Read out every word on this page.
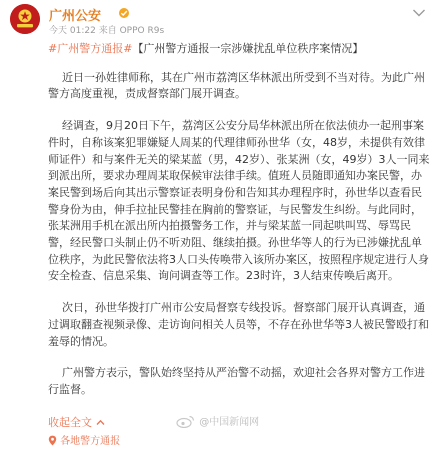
广州公安
今天 01:22 来自 OPPO R9s
#广州警方通报#【广州警方通报一宗涉嫌扰乱单位秩序案情况】

近日一孙姓律师称，其在广州市荔湾区华林派出所受到不当对待。为此广州警方高度重视，责成督察部门展开调查。

经调查，9月20日下午，荔湾区公安分局华林派出所在依法侦办一起刑事案件时，自称该案犯罪嫌疑人周某的代理律师孙世华（女，48岁，未提供有效律师证件）和与案件无关的梁某蓝（男，42岁）、张某洲（女，49岁）3人一同来到派出所，要求办理周某取保候审法律手续。值班人员随即通知办案民警，办案民警到场后向其出示警察证表明身份和告知其办理程序时，孙世华以查看民警身份为由，伸手拉扯民警挂在胸前的警察证，与民警发生纠纷。与此同时，张某洲用手机在派出所内拍摄警务工作，并与梁某蓝一同起哄叫骂、辱骂民警，经民警口头制止仍不听劝阻、继续拍摄。孙世华等人的行为已涉嫌扰乱单位秩序，为此民警依法将3人口头传唤带入该所办案区，按照程序规定进行人身安全检查、信息采集、询问调查等工作。23时许，3人结束传唤后离开。

次日，孙世华拨打广州市公安局督察专线投诉。督察部门展开认真调查，通过调取翻查视频录像、走访询问相关人员等，不存在孙世华等3人被民警殴打和羞辱的情况。

广州警方表示，警队始终坚持从严治警不动摇，欢迎社会各界对警方工作进行监督。

收起全文	@中国新闻网
各地警方通报
